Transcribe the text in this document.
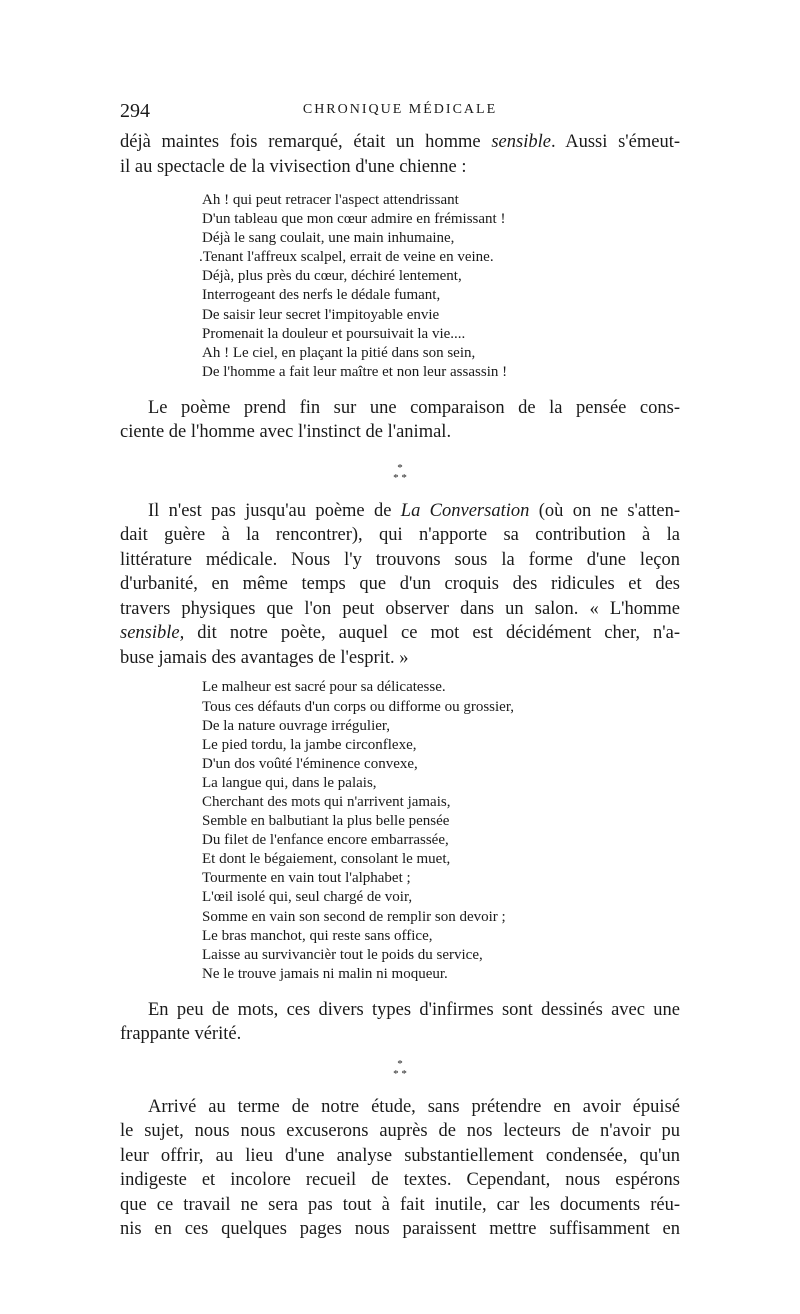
294	CHRONIQUE MÉDICALE
déjà maintes fois remarqué, était un homme sensible. Aussi s'émeut-
il au spectacle de la vivisection d'une chienne :
Ah ! qui peut retracer l'aspect attendrissant
D'un tableau que mon cœur admire en frémissant !
Déjà le sang coulait, une main inhumaine,
.Tenant l'affreux scalpel, errait de veine en veine.
Déjà, plus près du cœur, déchiré lentement,
Interrogeant des nerfs le dédale fumant,
De saisir leur secret l'impitoyable envie
Promenait la douleur et poursuivait la vie....
Ah ! Le ciel, en plaçant la pitié dans son sein,
De l'homme a fait leur maître et non leur assassin !
Le poème prend fin sur une comparaison de la pensée cons-
ciente de l'homme avec l'instinct de l'animal.
*
* *
Il n'est pas jusqu'au poème de La Conversation (où on ne s'atten-
dait guère à la rencontrer), qui n'apporte sa contribution à la
littérature médicale. Nous l'y trouvons sous la forme d'une leçon
d'urbanité, en même temps que d'un croquis des ridicules et des
travers physiques que l'on peut observer dans un salon. « L'homme
sensible, dit notre poète, auquel ce mot est décidément cher, n'a-
buse jamais des avantages de l'esprit. »
Le malheur est sacré pour sa délicatesse.
Tous ces défauts d'un corps ou difforme ou grossier,
De la nature ouvrage irrégulier,
Le pied tordu, la jambe circonflexe,
D'un dos voûté l'éminence convexe,
La langue qui, dans le palais,
Cherchant des mots qui n'arrivent jamais,
Semble en balbutiant la plus belle pensée
Du filet de l'enfance encore embarrassée,
Et dont le bégaiement, consolant le muet,
Tourmente en vain tout l'alphabet ;
L'œil isolé qui, seul chargé de voir,
Somme en vain son second de remplir son devoir ;
Le bras manchot, qui reste sans office,
Laisse au survivancièr tout le poids du service,
Ne le trouve jamais ni malin ni moqueur.
En peu de mots, ces divers types d'infirmes sont dessinés avec une
frappante vérité.
*
* *
Arrivé au terme de notre étude, sans prétendre en avoir épuisé
le sujet, nous nous excuserons auprès de nos lecteurs de n'avoir pu
leur offrir, au lieu d'une analyse substantiellement condensée, qu'un
indigeste et incolore recueil de textes. Cependant, nous espérons
que ce travail ne sera pas tout à fait inutile, car les documents réu-
nis en ces quelques pages nous paraissent mettre suffisamment en
